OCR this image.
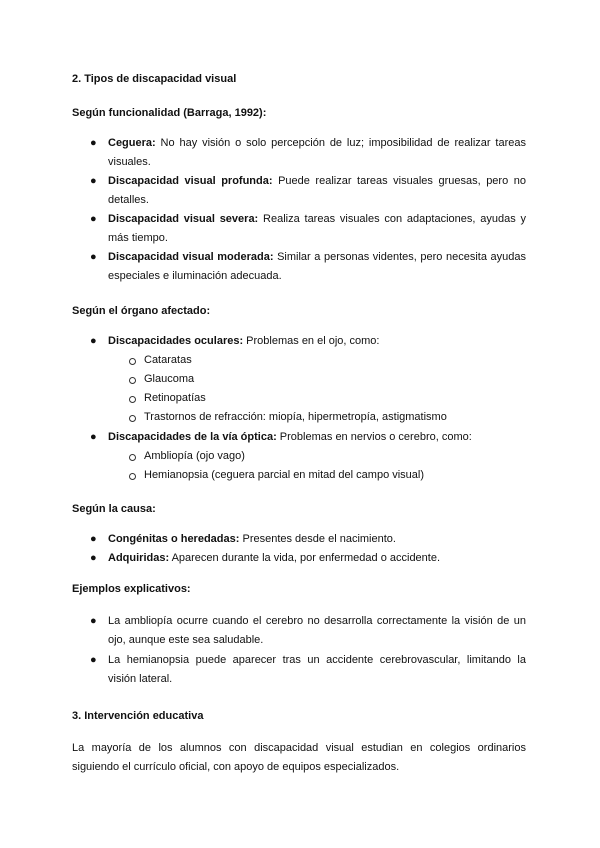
2. Tipos de discapacidad visual
Según funcionalidad (Barraga, 1992):
● Ceguera: No hay visión o solo percepción de luz; imposibilidad de realizar tareas visuales.
● Discapacidad visual profunda: Puede realizar tareas visuales gruesas, pero no detalles.
● Discapacidad visual severa: Realiza tareas visuales con adaptaciones, ayudas y más tiempo.
● Discapacidad visual moderada: Similar a personas videntes, pero necesita ayudas especiales e iluminación adecuada.
Según el órgano afectado:
● Discapacidades oculares: Problemas en el ojo, como:
Cataratas
Glaucoma
Retinopatías
Trastornos de refracción: miopía, hipermetropía, astigmatismo
● Discapacidades de la vía óptica: Problemas en nervios o cerebro, como:
Ambliopía (ojo vago)
Hemianopsia (ceguera parcial en mitad del campo visual)
Según la causa:
● Congénitas o heredadas: Presentes desde el nacimiento.
● Adquiridas: Aparecen durante la vida, por enfermedad o accidente.
Ejemplos explicativos:
● La ambliopía ocurre cuando el cerebro no desarrolla correctamente la visión de un ojo, aunque este sea saludable.
● La hemianopsia puede aparecer tras un accidente cerebrovascular, limitando la visión lateral.
3. Intervención educativa
La mayoría de los alumnos con discapacidad visual estudian en colegios ordinarios siguiendo el currículo oficial, con apoyo de equipos especializados.
